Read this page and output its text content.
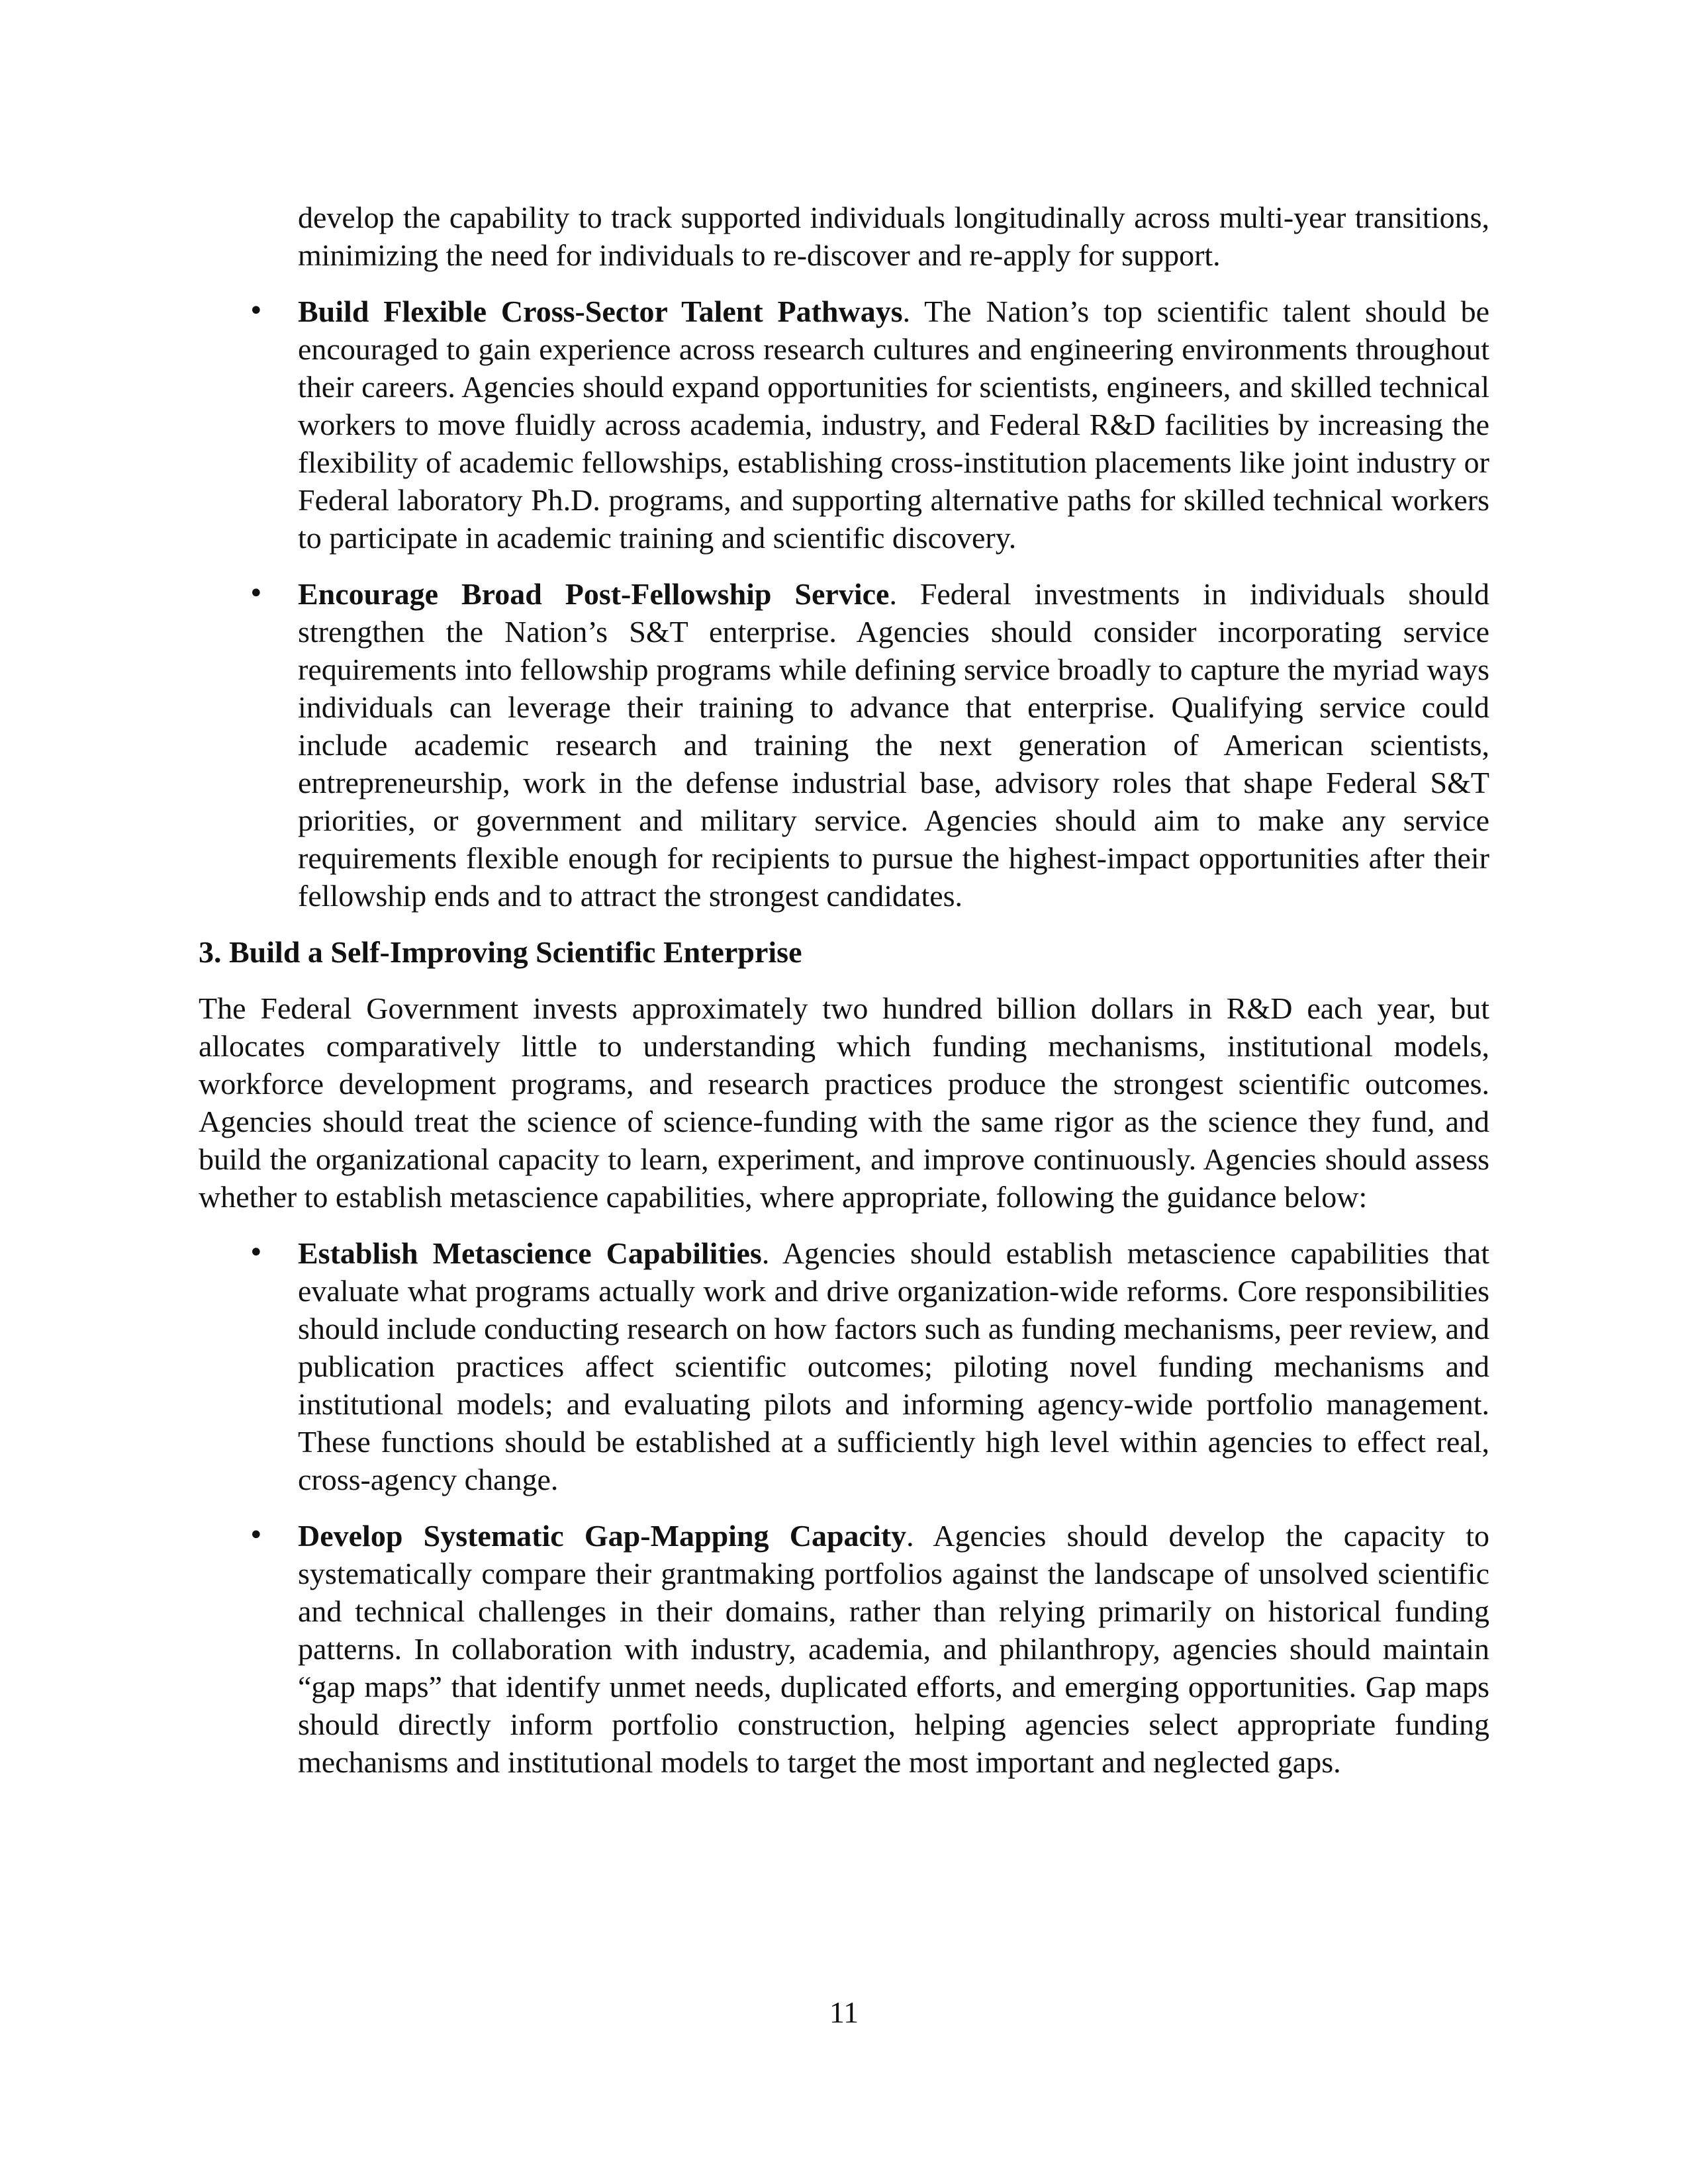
develop the capability to track supported individuals longitudinally across multi-year transitions, minimizing the need for individuals to re-discover and re-apply for support.

•	Build Flexible Cross-Sector Talent Pathways. The Nation’s top scientific talent should be encouraged to gain experience across research cultures and engineering environments throughout their careers. Agencies should expand opportunities for scientists, engineers, and skilled technical workers to move fluidly across academia, industry, and Federal R&D facilities by increasing the flexibility of academic fellowships, establishing cross-institution placements like joint industry or Federal laboratory Ph.D. programs, and supporting alternative paths for skilled technical workers to participate in academic training and scientific discovery.
•	Encourage Broad Post-Fellowship Service. Federal investments in individuals should strengthen the Nation’s S&T enterprise. Agencies should consider incorporating service requirements into fellowship programs while defining service broadly to capture the myriad ways individuals can leverage their training to advance that enterprise. Qualifying service could include academic research and training the next generation of American scientists, entrepreneurship, work in the defense industrial base, advisory roles that shape Federal S&T priorities, or government and military service. Agencies should aim to make any service requirements flexible enough for recipients to pursue the highest-impact opportunities after their fellowship ends and to attract the strongest candidates.

3. Build a Self-Improving Scientific Enterprise

The Federal Government invests approximately two hundred billion dollars in R&D each year, but allocates comparatively little to understanding which funding mechanisms, institutional models, workforce development programs, and research practices produce the strongest scientific outcomes. Agencies should treat the science of science-funding with the same rigor as the science they fund, and build the organizational capacity to learn, experiment, and improve continuously. Agencies should assess whether to establish metascience capabilities, where appropriate, following the guidance below:

•	Establish Metascience Capabilities. Agencies should establish metascience capabilities that evaluate what programs actually work and drive organization-wide reforms. Core responsibilities should include conducting research on how factors such as funding mechanisms, peer review, and publication practices affect scientific outcomes; piloting novel funding mechanisms and institutional models; and evaluating pilots and informing agency-wide portfolio management. These functions should be established at a sufficiently high level within agencies to effect real, cross-agency change.
•	Develop Systematic Gap-Mapping Capacity. Agencies should develop the capacity to systematically compare their grantmaking portfolios against the landscape of unsolved scientific and technical challenges in their domains, rather than relying primarily on historical funding patterns. In collaboration with industry, academia, and philanthropy, agencies should maintain “gap maps” that identify unmet needs, duplicated efforts, and emerging opportunities. Gap maps should directly inform portfolio construction, helping agencies select appropriate funding mechanisms and institutional models to target the most important and neglected gaps.
11
